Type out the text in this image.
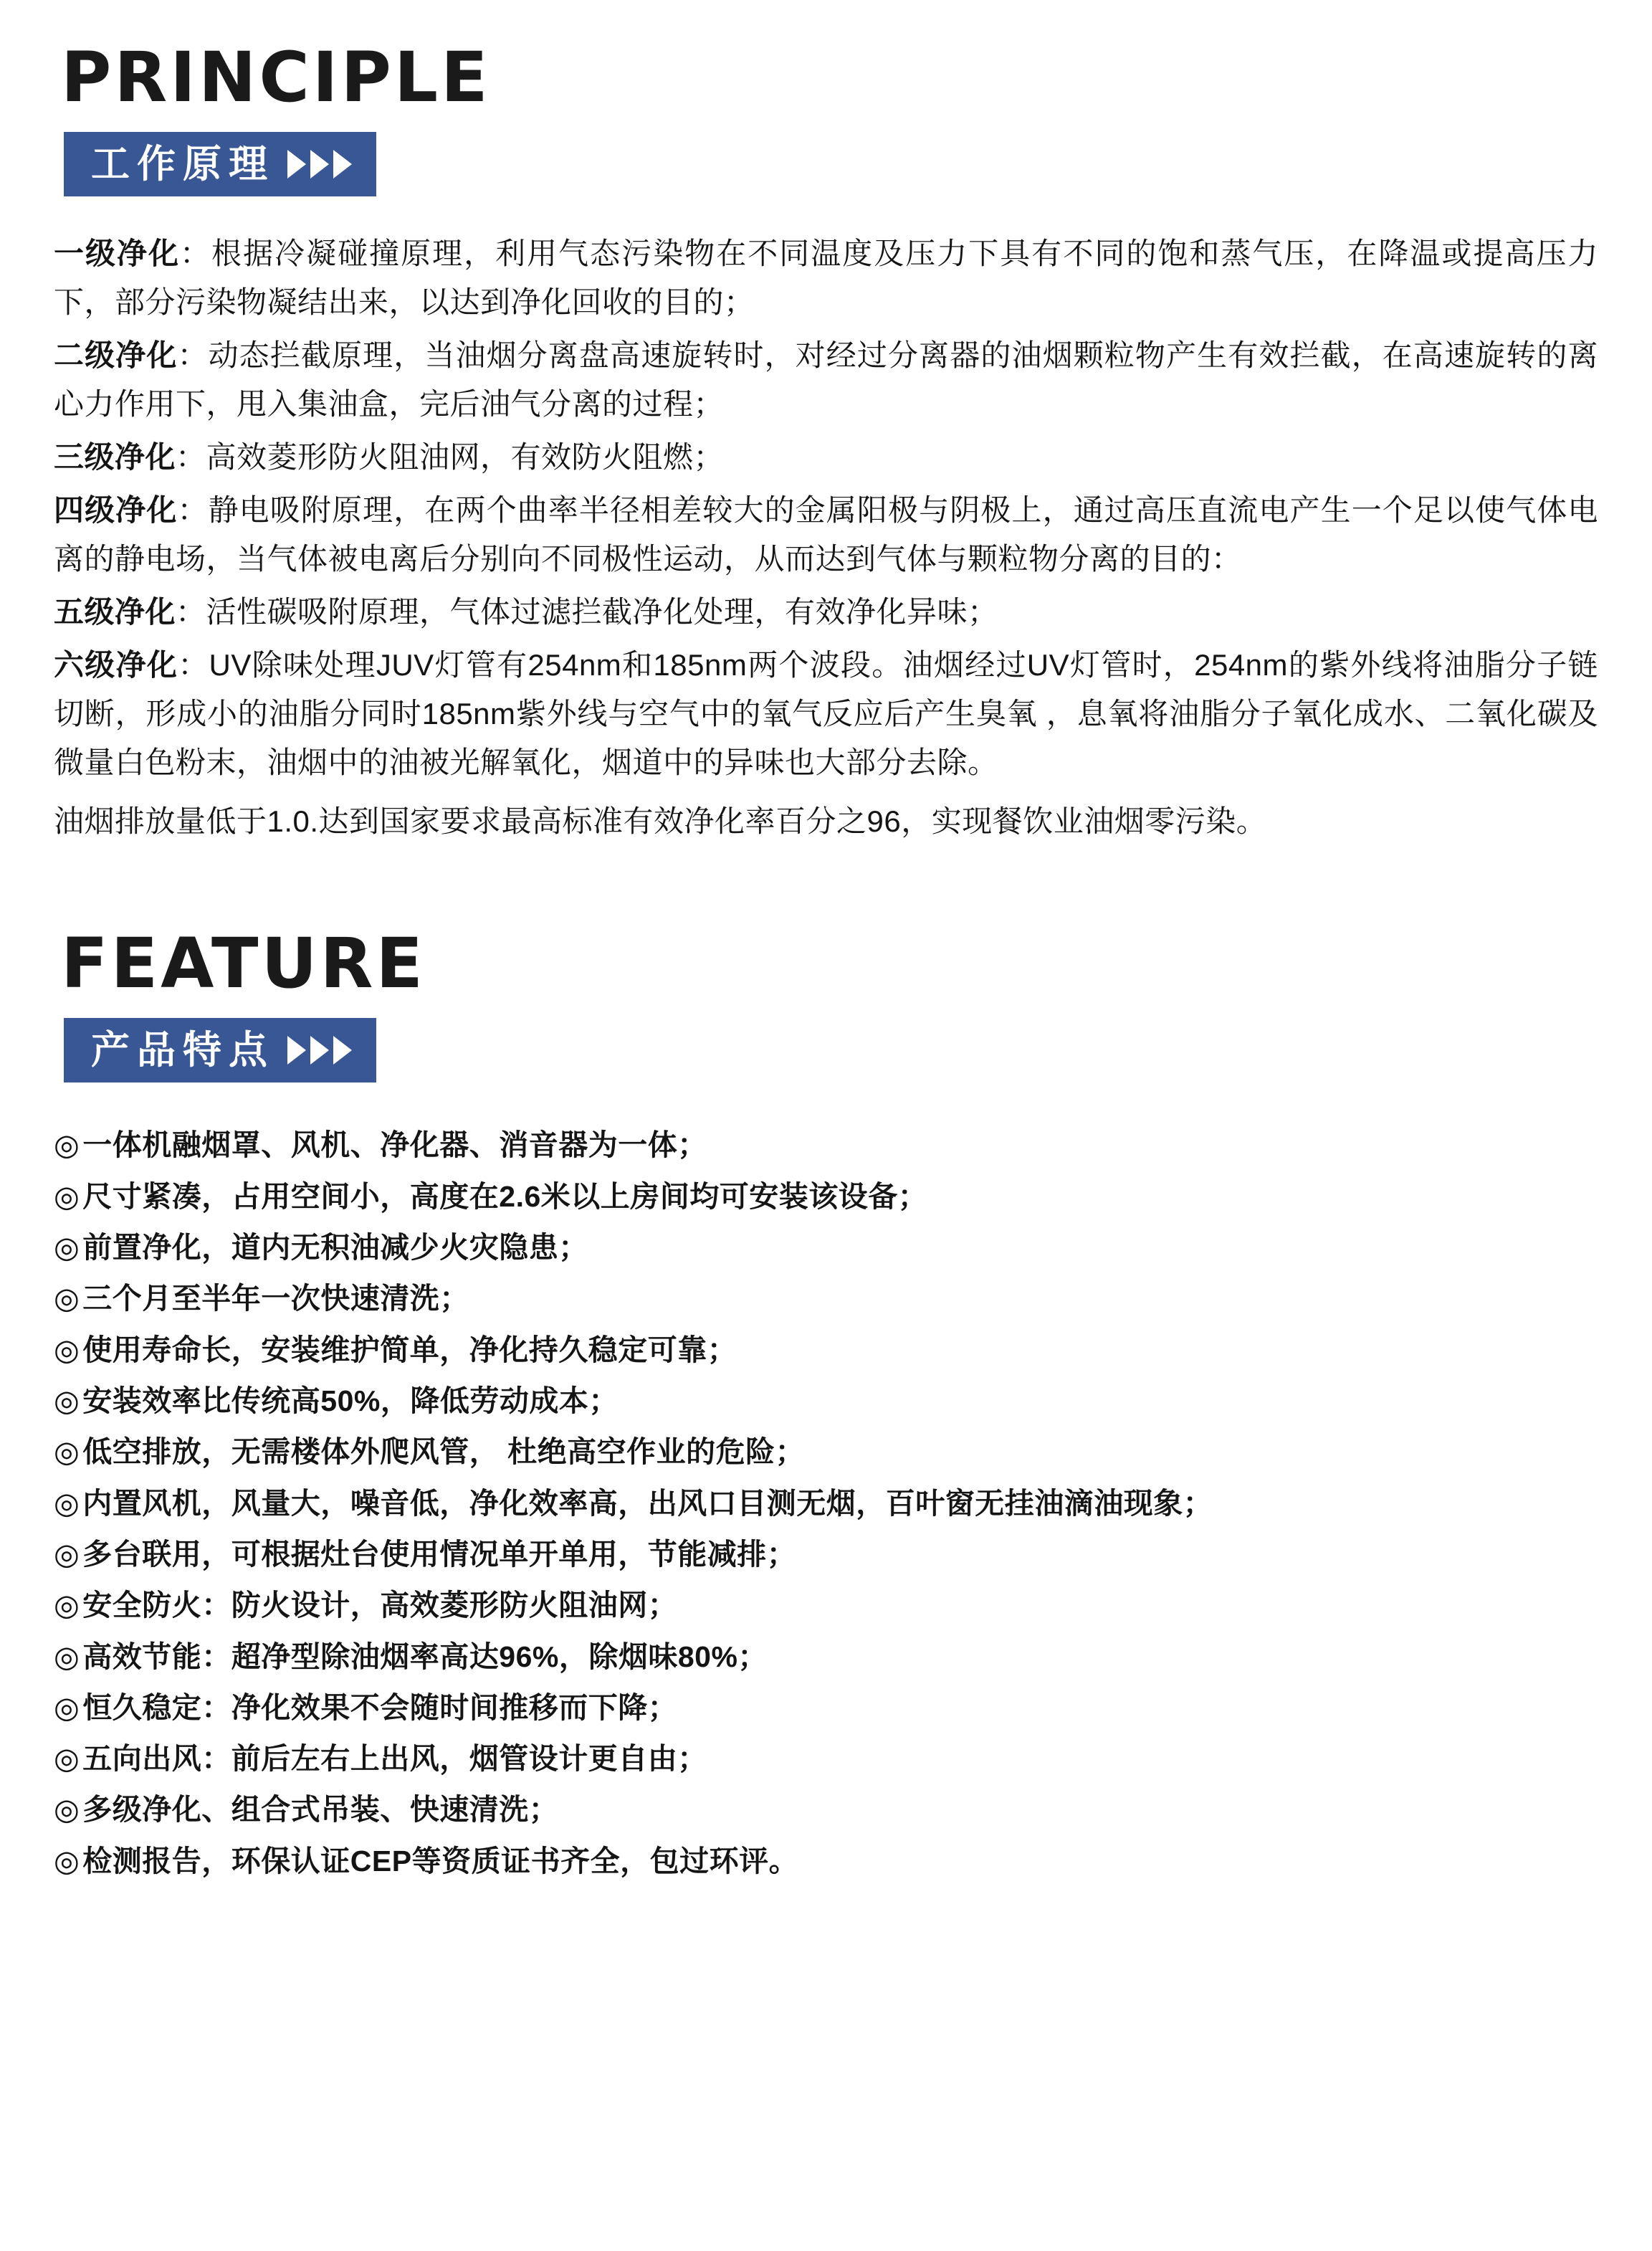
PRINCIPLE
工作原理

一级净化：根据冷凝碰撞原理，利用气态污染物在不同温度及压力下具有不同的饱和蒸气压，在降温或提高压力下，部分污染物凝结出来，以达到净化回收的目的；

二级净化：动态拦截原理，当油烟分离盘高速旋转时，对经过分离器的油烟颗粒物产生有效拦截，在高速旋转的离心力作用下，甩入集油盒，完后油气分离的过程；

三级净化：高效菱形防火阻油网，有效防火阻燃；

四级净化：静电吸附原理，在两个曲率半径相差较大的金属阳极与阴极上，通过高压直流电产生一个足以使气体电离的静电场，当气体被电离后分别向不同极性运动，从而达到气体与颗粒物分离的目的：

五级净化：活性碳吸附原理，气体过滤拦截净化处理，有效净化异味；

六级净化：UV除味处理JUV灯管有254nm和185nm两个波段。油烟经过UV灯管时，254nm的紫外线将油脂分子链切断，形成小的油脂分同时185nm紫外线与空气中的氧气反应后产生臭氧 ，息氧将油脂分子氧化成水、二氧化碳及微量白色粉末，油烟中的油被光解氧化，烟道中的异味也大部分去除。

油烟排放量低于1.0.达到国家要求最高标准有效净化率百分之96，实现餐饮业油烟零污染。

FEATURE
产品特点

◎ 一体机融烟罩、风机、净化器、消音器为一体；

◎ 尺寸紧凑，占用空间小，高度在2.6米以上房间均可安装该设备；

◎ 前置净化，道内无积油减少火灾隐患；

◎ 三个月至半年一次快速清洗；

◎ 使用寿命长，安装维护简单，净化持久稳定可靠；

◎ 安装效率比传统高50%，降低劳动成本；

◎ 低空排放，无需楼体外爬风管， 杜绝高空作业的危险；

◎ 内置风机，风量大，噪音低，净化效率高，出风口目测无烟，百叶窗无挂油滴油现象；

◎ 多台联用，可根据灶台使用情况单开单用，节能减排；

◎ 安全防火：防火设计，高效菱形防火阻油网；

◎ 高效节能：超净型除油烟率高达96%，除烟味80%；

◎ 恒久稳定：净化效果不会随时间推移而下降；

◎ 五向出风：前后左右上出风，烟管设计更自由；

◎ 多级净化、组合式吊装、快速清洗；

◎ 检测报告，环保认证CEP等资质证书齐全，包过环评。
